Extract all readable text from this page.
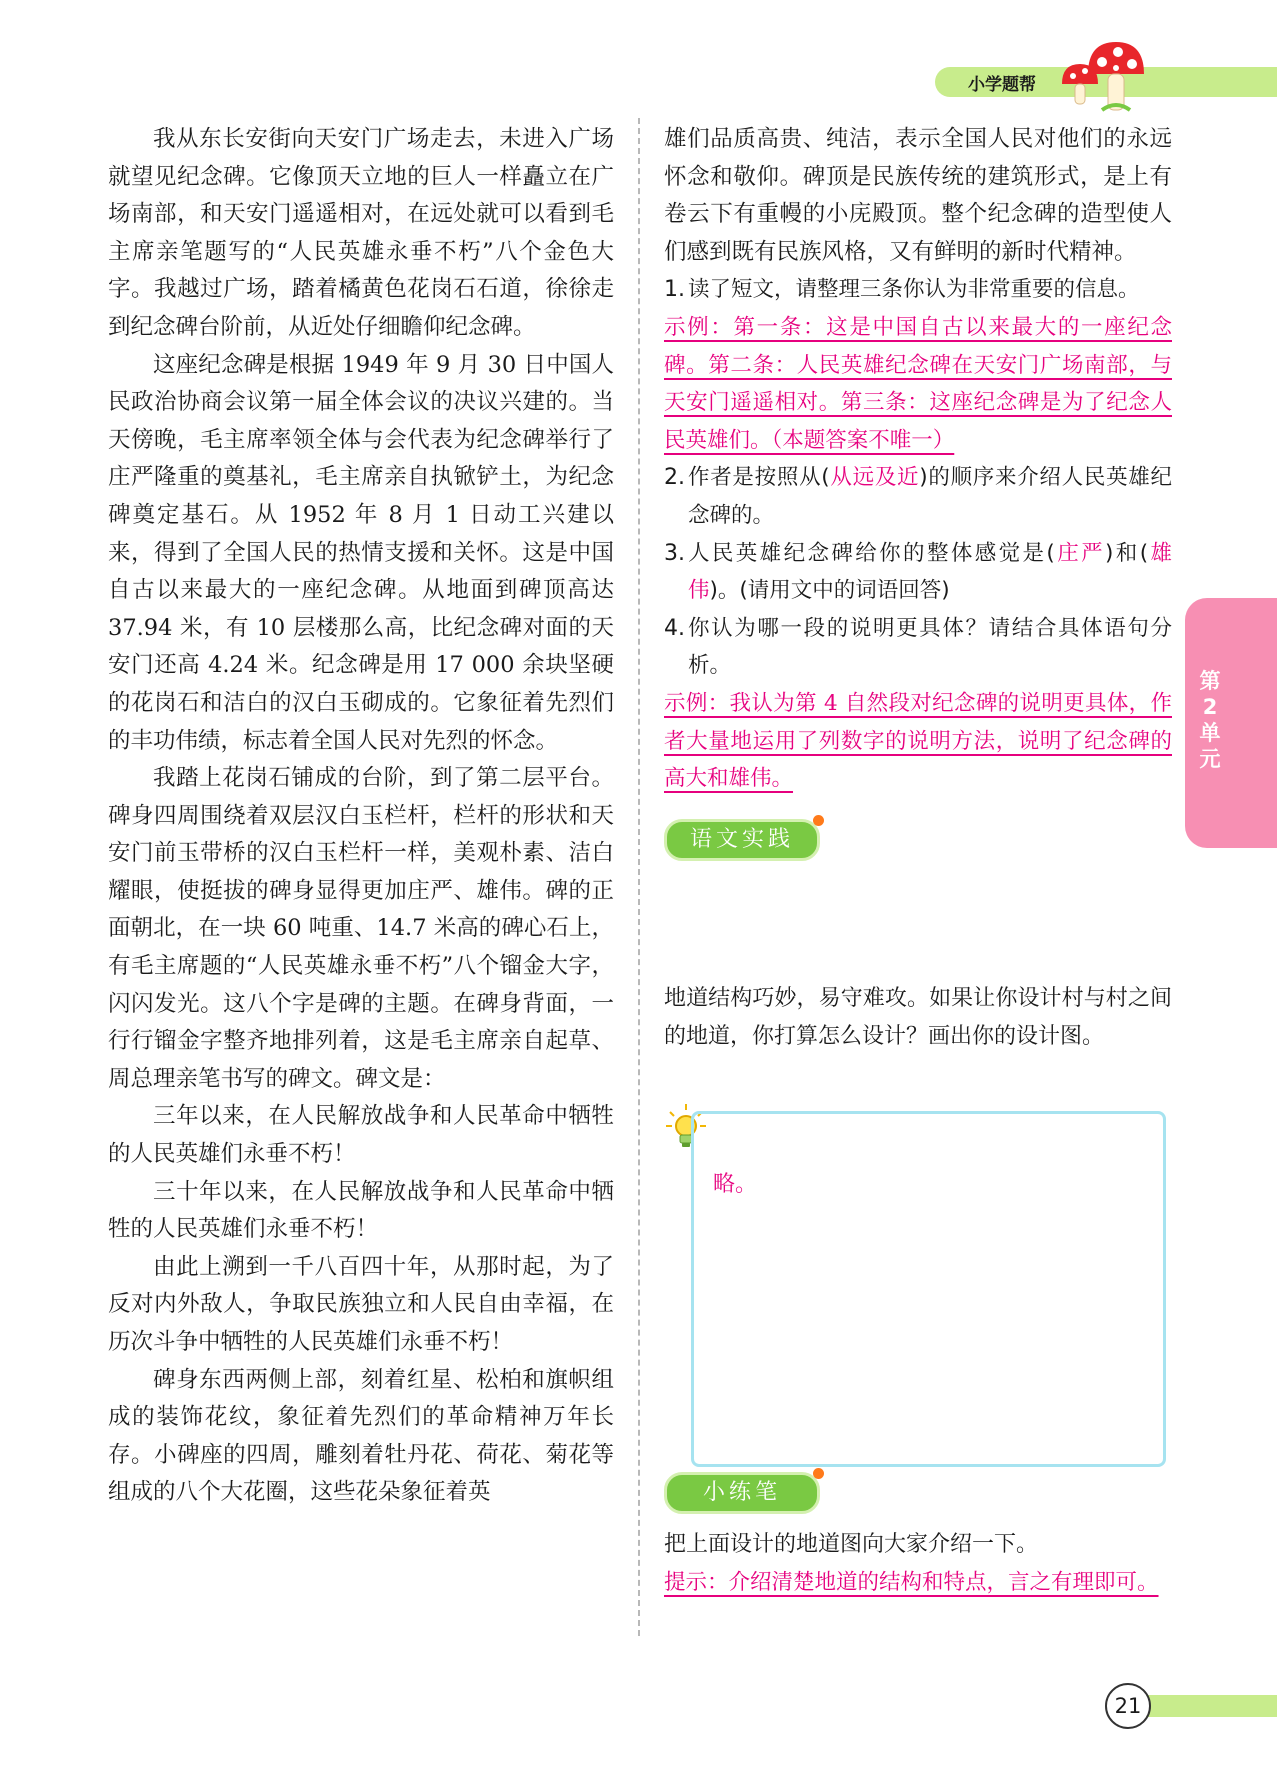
小学题帮

我从东长安街向天安门广场走去，未进入广场就望见纪念碑。它像顶天立地的巨人一样矗立在广场南部，和天安门遥遥相对，在远处就可以看到毛主席亲笔题写的“人民英雄永垂不朽”八个金色大字。我越过广场，踏着橘黄色花岗石石道，徐徐走到纪念碑台阶前，从近处仔细瞻仰纪念碑。

这座纪念碑是根据 1949 年 9 月 30 日中国人民政治协商会议第一届全体会议的决议兴建的。当天傍晚，毛主席率领全体与会代表为纪念碑举行了庄严隆重的奠基礼，毛主席亲自执锨铲土，为纪念碑奠定基石。从 1952 年 8 月 1 日动工兴建以来，得到了全国人民的热情支援和关怀。这是中国自古以来最大的一座纪念碑。从地面到碑顶高达 37.94 米，有 10 层楼那么高，比纪念碑对面的天安门还高 4.24 米。纪念碑是用 17 000 余块坚硬的花岗石和洁白的汉白玉砌成的。它象征着先烈们的丰功伟绩，标志着全国人民对先烈的怀念。

我踏上花岗石铺成的台阶，到了第二层平台。碑身四周围绕着双层汉白玉栏杆，栏杆的形状和天安门前玉带桥的汉白玉栏杆一样，美观朴素、洁白耀眼，使挺拔的碑身显得更加庄严、雄伟。碑的正面朝北，在一块 60 吨重、14.7 米高的碑心石上，有毛主席题的“人民英雄永垂不朽”八个镏金大字，闪闪发光。这八个字是碑的主题。在碑身背面，一行行镏金字整齐地排列着，这是毛主席亲自起草、周总理亲笔书写的碑文。碑文是：

三年以来，在人民解放战争和人民革命中牺牲的人民英雄们永垂不朽！

三十年以来，在人民解放战争和人民革命中牺牲的人民英雄们永垂不朽！

由此上溯到一千八百四十年，从那时起，为了反对内外敌人，争取民族独立和人民自由幸福，在历次斗争中牺牲的人民英雄们永垂不朽！

碑身东西两侧上部，刻着红星、松柏和旗帜组成的装饰花纹，象征着先烈们的革命精神万年长存。小碑座的四周，雕刻着牡丹花、荷花、菊花等组成的八个大花圈，这些花朵象征着英

雄们品质高贵、纯洁，表示全国人民对他们的永远怀念和敬仰。碑顶是民族传统的建筑形式，是上有卷云下有重幔的小庑殿顶。整个纪念碑的造型使人们感到既有民族风格，又有鲜明的新时代精神。

1. 读了短文，请整理三条你认为非常重要的信息。

示例：第一条：这是中国自古以来最大的一座纪念碑。第二条：人民英雄纪念碑在天安门广场南部，与天安门遥遥相对。第三条：这座纪念碑是为了纪念人民英雄们。（本题答案不唯一）

2. 作者是按照从(从远及近)的顺序来介绍人民英雄纪念碑的。
3. 人民英雄纪念碑给你的整体感觉是(庄严)和(雄伟)。(请用文中的词语回答)
4. 你认为哪一段的说明更具体？请结合具体语句分析。

示例：我认为第 4 自然段对纪念碑的说明更具体，作者大量地运用了列数字的说明方法，说明了纪念碑的高大和雄伟。

语文实践

地道结构巧妙，易守难攻。如果让你设计村与村之间的地道，你打算怎么设计？画出你的设计图。

略。
小练笔

把上面设计的地道图向大家介绍一下。

提示：介绍清楚地道的结构和特点，言之有理即可。

第
2
单
元
21
